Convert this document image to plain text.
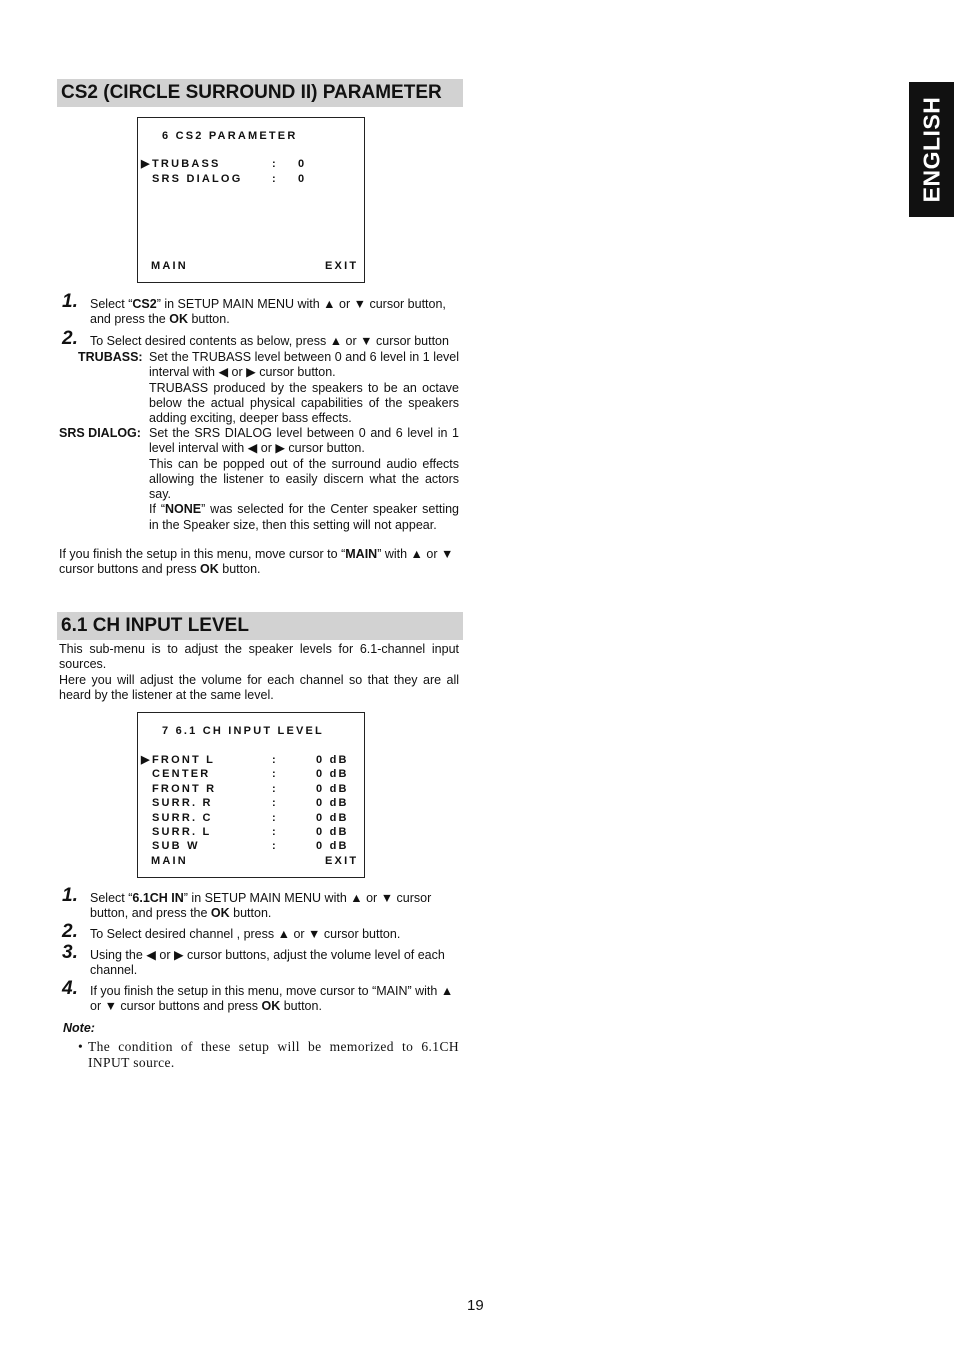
ENGLISH
CS2 (CIRCLE SURROUND II) PARAMETER
6 CS2 PARAMETER
▶ TRUBASS	: 0
SRS DIALOG	: 0
MAIN	EXIT
1. Select “CS2” in SETUP MAIN MENU with ▲ or ▼ cursor button, and press the OK button.
2. To Select desired contents as below, press ▲ or ▼ cursor button
TRUBASS: Set the TRUBASS level between 0 and 6 level in 1 level interval with ◀ or ▶ cursor button.
TRUBASS produced by the speakers to be an octave below the actual physical capabilities of the speakers adding exciting, deeper bass effects.
SRS DIALOG: Set the SRS DIALOG level between 0 and 6 level in 1 level interval with ◀ or ▶ cursor button.
This can be popped out of the surround audio effects allowing the listener to easily discern what the actors say.
If “NONE” was selected for the Center speaker setting in the Speaker size, then this setting will not appear.
If you finish the setup in this menu, move cursor to “MAIN” with ▲ or ▼ cursor buttons and press OK button.
6.1 CH INPUT LEVEL
This sub-menu is to adjust the speaker levels for 6.1-channel input sources.
Here you will adjust the volume for each channel so that they are all heard by the listener at the same level.
7 6.1 CH INPUT LEVEL
▶ FRONT L	:	0 dB
CENTER	:	0 dB
FRONT R	:	0 dB
SURR. R	:	0 dB
SURR. C	:	0 dB
SURR. L	:	0 dB
SUB W	:	0 dB
MAIN	EXIT
1. Select “6.1CH IN” in SETUP MAIN MENU with ▲ or ▼ cursor button, and press the OK button.
2. To Select desired channel , press ▲ or ▼ cursor button.
3. Using the ◀ or ▶ cursor buttons, adjust the volume level of each channel.
4. If you finish the setup in this menu, move cursor to “MAIN” with ▲ or ▼ cursor buttons and press OK button.
Note:
• The condition of these setup will be memorized to 6.1CH INPUT source.
19
